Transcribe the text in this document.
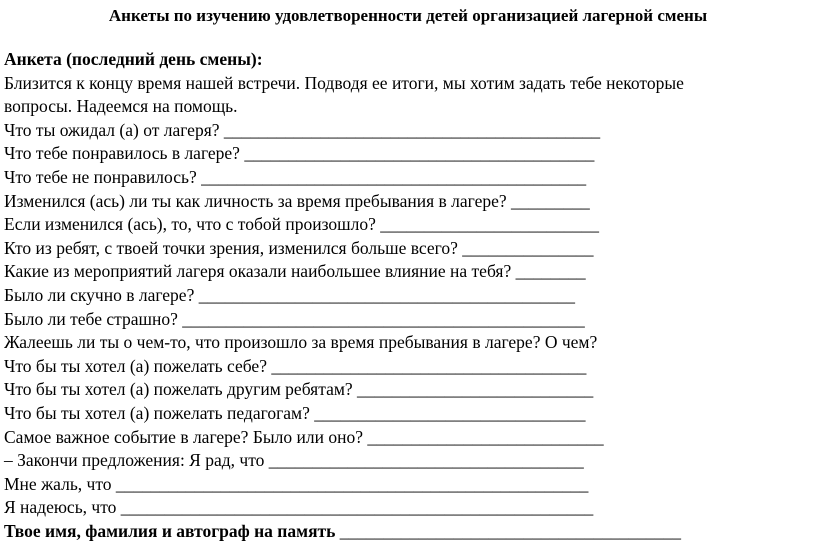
Анкеты по изучению удовлетворенности детей организацией лагерной смены
Анкета (последний день смены):
Близится к концу время нашей встречи. Подводя ее итоги, мы хотим задать тебе некоторые
вопросы. Надеемся на помощь.
Что ты ожидал (а) от лагеря? ___________________________________________
Что тебе понравилось в лагере? ________________________________________
Что тебе не понравилось? ____________________________________________
Изменился (ась) ли ты как личность за время пребывания в лагере? _________
Если изменился (ась), то, что с тобой произошло? _________________________
Кто из ребят, с твоей точки зрения, изменился больше всего? _______________
Какие из мероприятий лагеря оказали наибольшее влияние на тебя? ________
Было ли скучно в лагере? ___________________________________________
Было ли тебе страшно? ______________________________________________
Жалеешь ли ты о чем-то, что произошло за время пребывания в лагере? О чем?
Что бы ты хотел (а) пожелать себе? ____________________________________
Что бы ты хотел (а) пожелать другим ребятам? ___________________________
Что бы ты хотел (а) пожелать педагогам? _______________________________
Самое важное событие в лагере? Было или оно? ___________________________
– Закончи предложения: Я рад, что ____________________________________
Мне жаль, что ______________________________________________________
Я надеюсь, что ______________________________________________________
Твое имя, фамилия и автограф на память _______________________________________
